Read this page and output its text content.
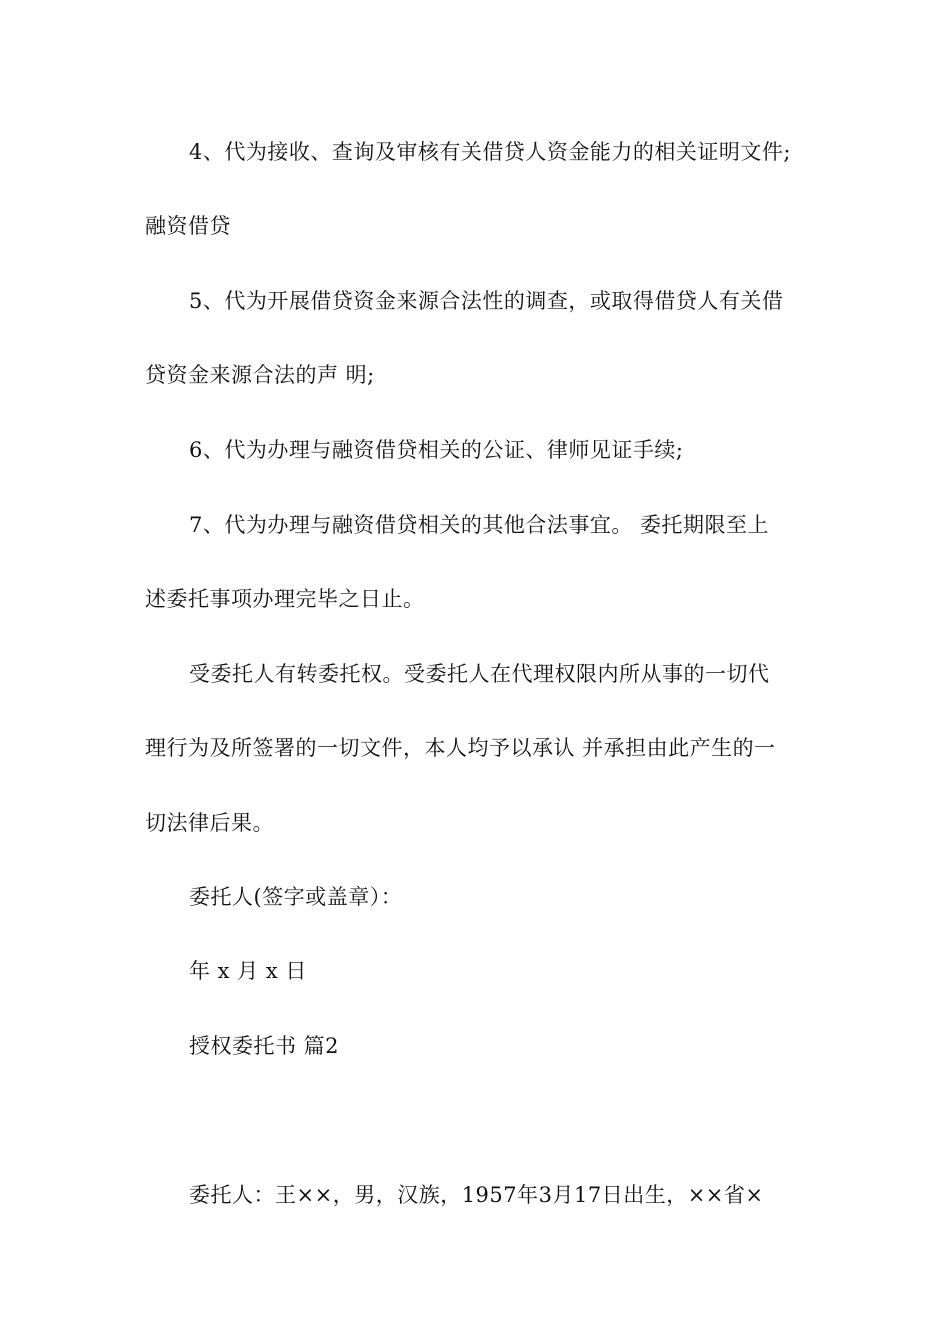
4、代为接收、查询及审核有关借贷人资金能力的相关证明文件;
融资借贷
5、代为开展借贷资金来源合法性的调查，或取得借贷人有关借
贷资金来源合法的声 明;
6、代为办理与融资借贷相关的公证、律师见证手续;
7、代为办理与融资借贷相关的其他合法事宜。 委托期限至上
述委托事项办理完毕之日止。
受委托人有转委托权。受委托人在代理权限内所从事的一切代
理行为及所签署的一切文件，本人均予以承认 并承担由此产生的一
切法律后果。
委托人(签字或盖章）：
年 x 月 x 日
授权委托书 篇2
委托人：王××，男，汉族，1957年3月17日出生，××省×
